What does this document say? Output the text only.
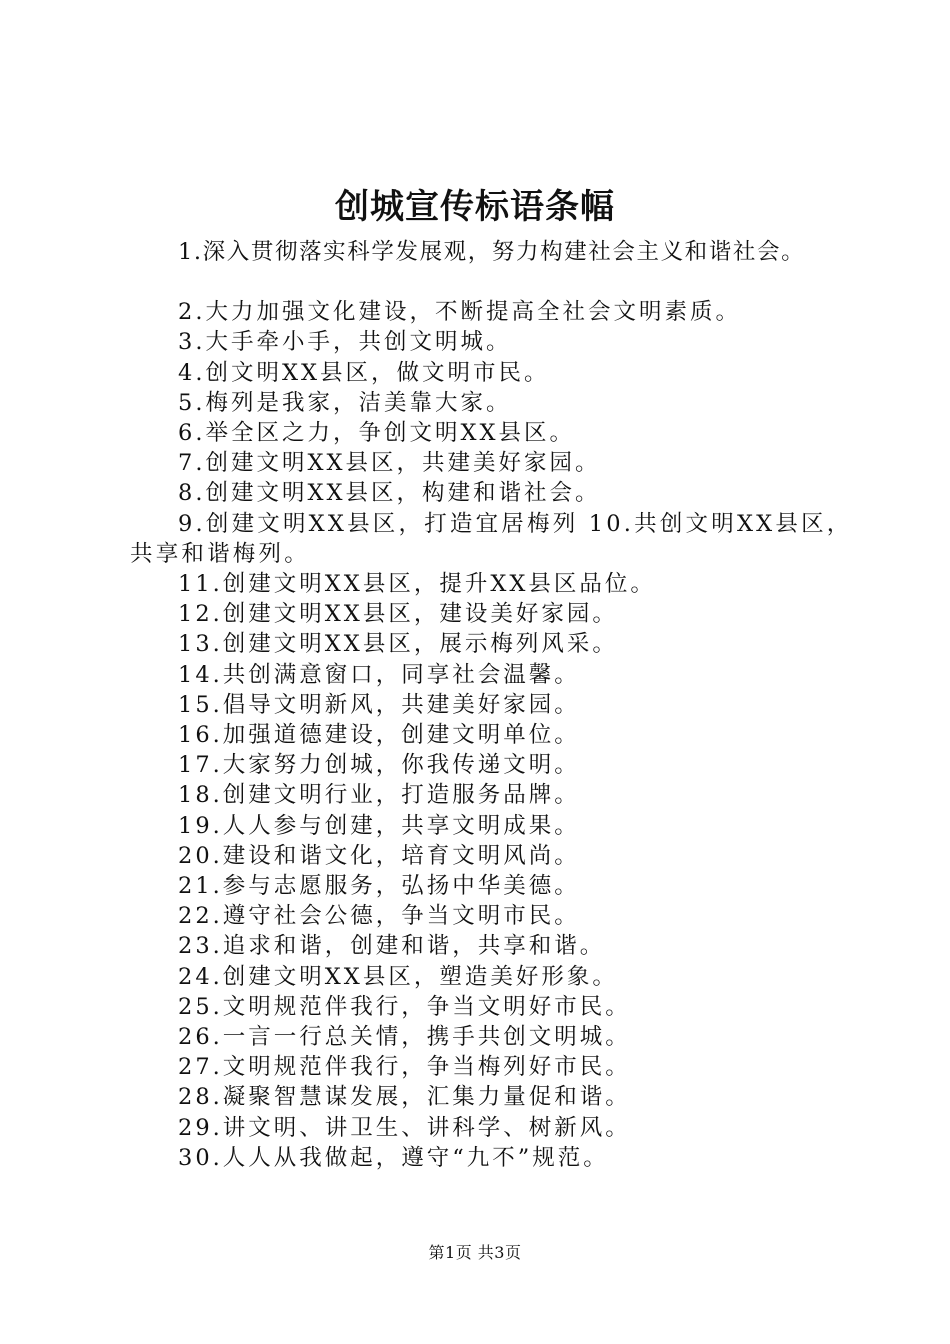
创城宣传标语条幅

1.深入贯彻落实科学发展观，努力构建社会主义和谐社会。

2.大力加强文化建设，不断提高全社会文明素质。

3.大手牵小手，共创文明城。

4.创文明XX县区，做文明市民。

5.梅列是我家，洁美靠大家。

6.举全区之力，争创文明XX县区。

7.创建文明XX县区，共建美好家园。

8.创建文明XX县区，构建和谐社会。

9.创建文明XX县区，打造宜居梅列 10.共创文明XX县区，共享和谐梅列。

11.创建文明XX县区，提升XX县区品位。

12.创建文明XX县区，建设美好家园。

13.创建文明XX县区，展示梅列风采。

14.共创满意窗口，同享社会温馨。

15.倡导文明新风，共建美好家园。

16.加强道德建设，创建文明单位。

17.大家努力创城，你我传递文明。

18.创建文明行业，打造服务品牌。

19.人人参与创建，共享文明成果。

20.建设和谐文化，培育文明风尚。

21.参与志愿服务，弘扬中华美德。

22.遵守社会公德，争当文明市民。

23.追求和谐，创建和谐，共享和谐。

24.创建文明XX县区，塑造美好形象。

25.文明规范伴我行，争当文明好市民。

26.一言一行总关情，携手共创文明城。

27.文明规范伴我行，争当梅列好市民。

28.凝聚智慧谋发展，汇集力量促和谐。

29.讲文明、讲卫生、讲科学、树新风。

30.人人从我做起，遵守“九不”规范。

第1页 共3页
